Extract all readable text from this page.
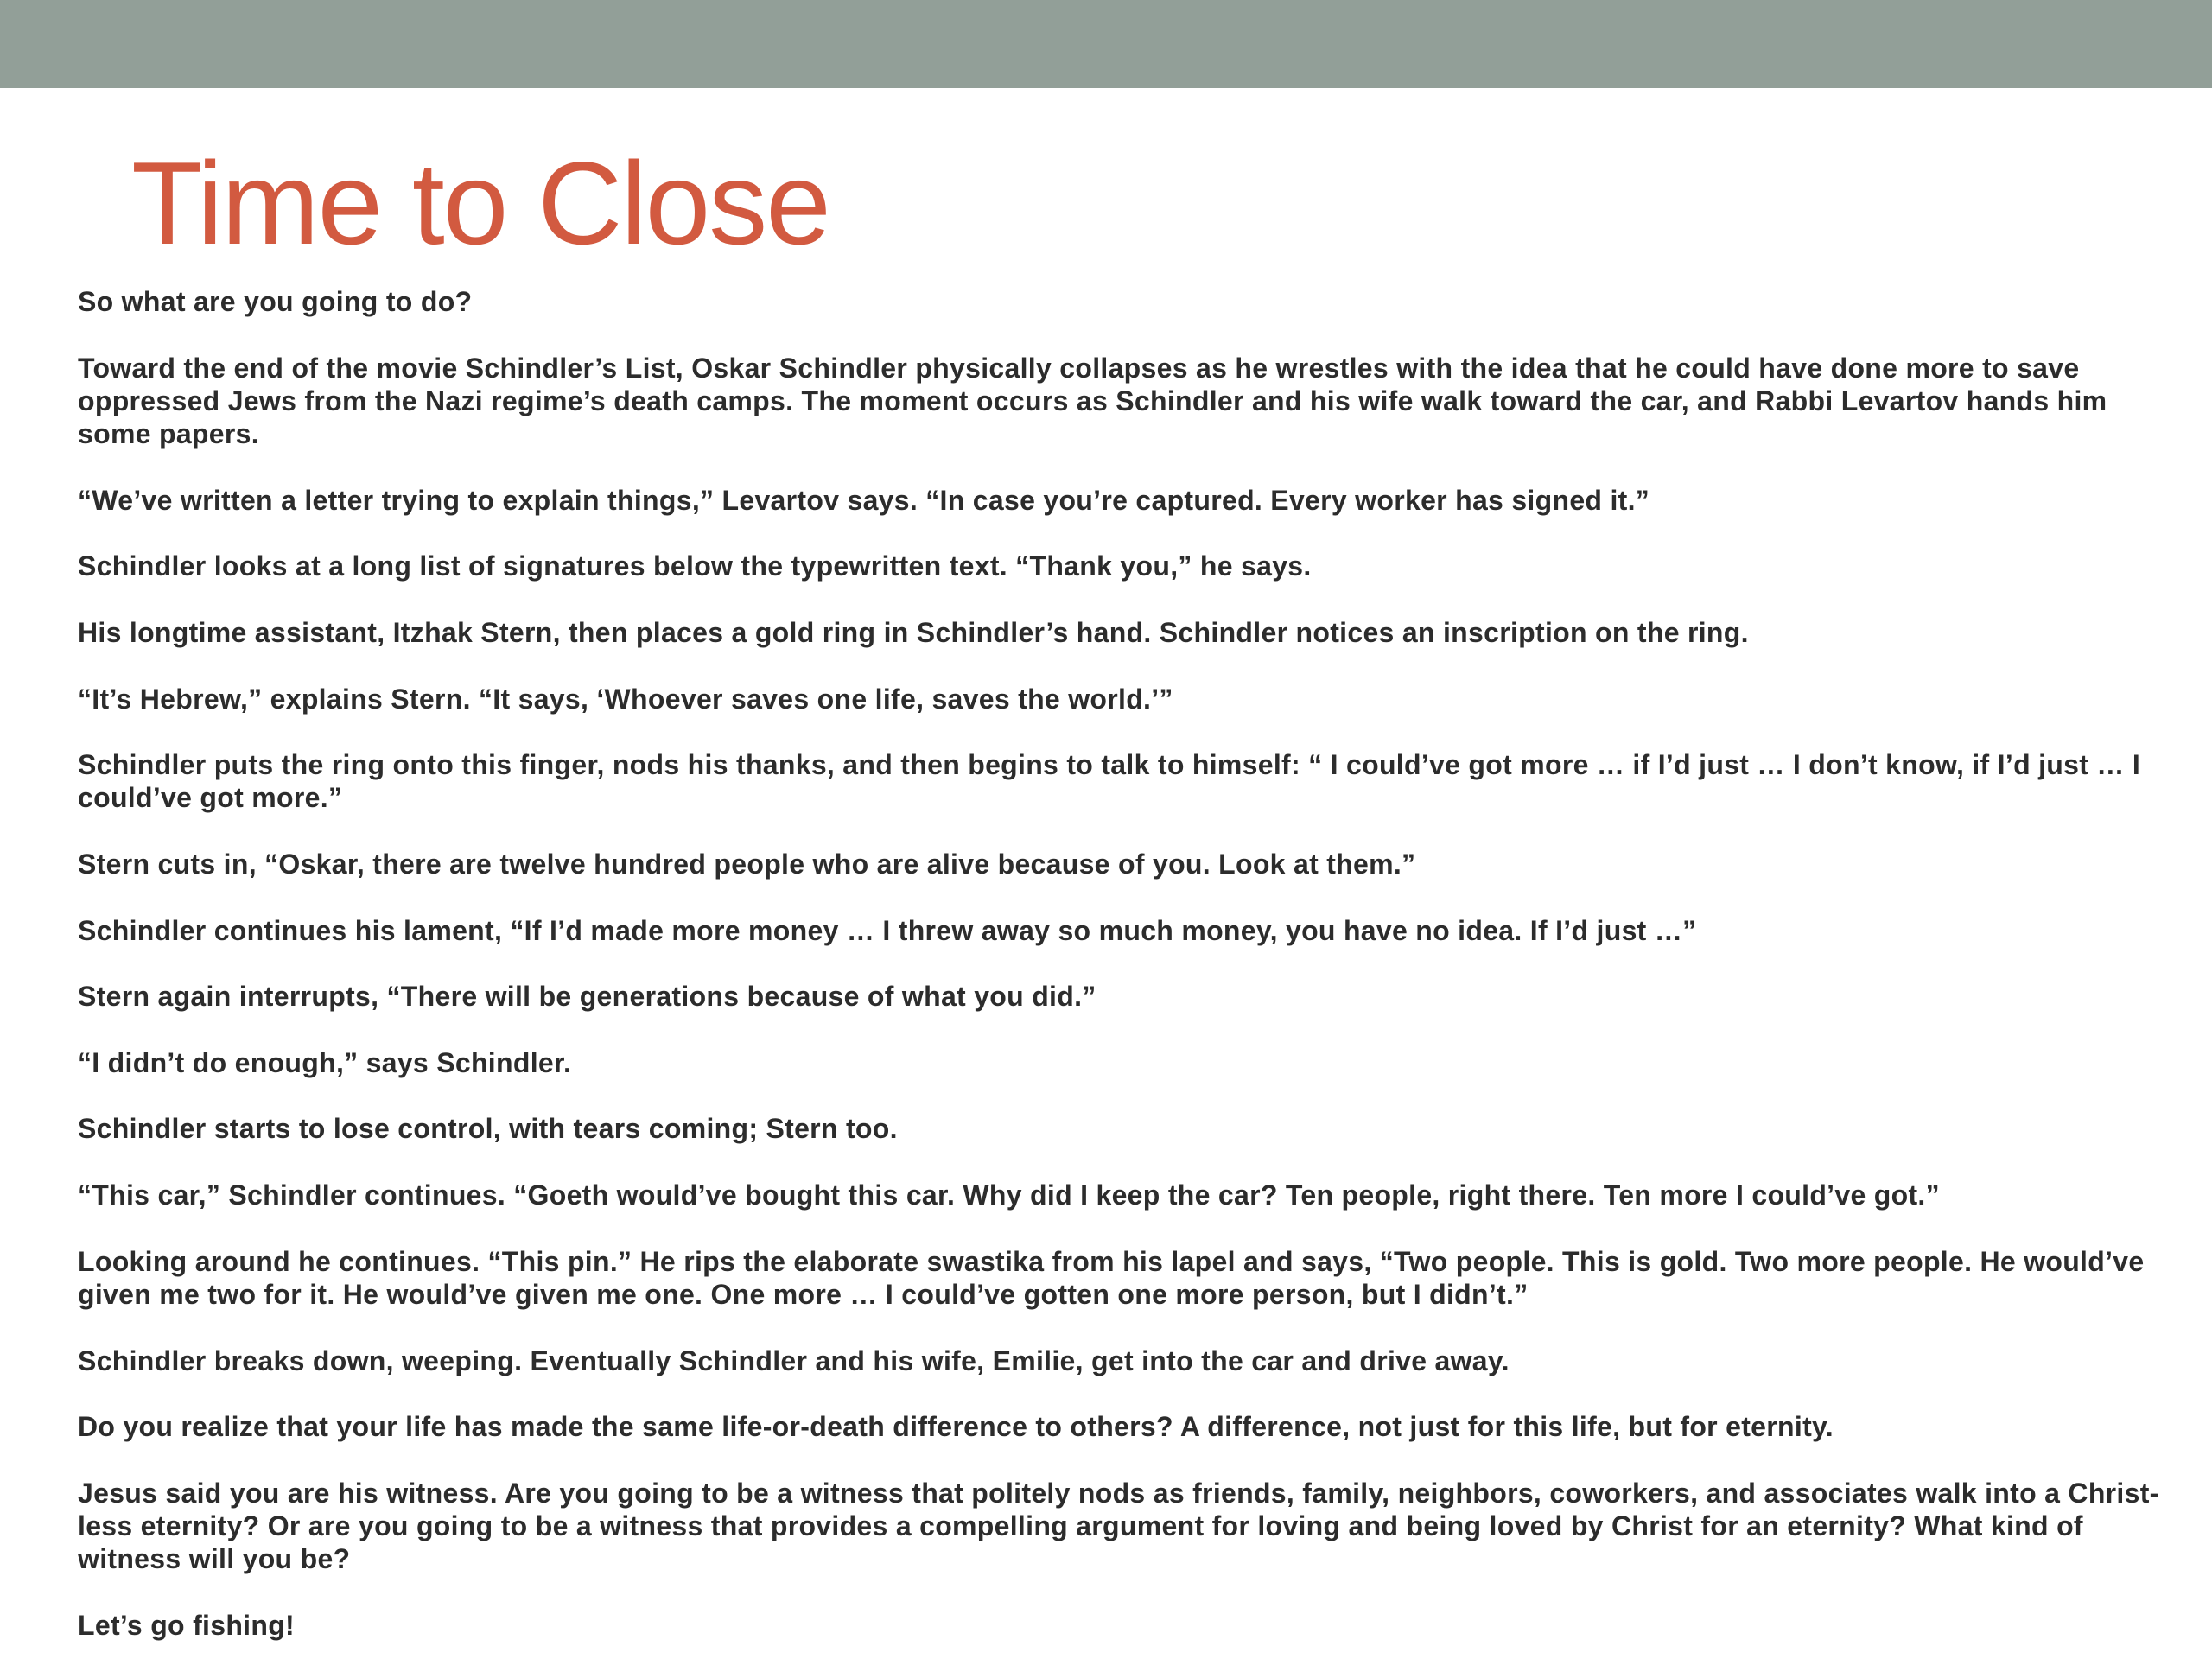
Time to Close

So what are you going to do?

Toward the end of the movie Schindler’s List, Oskar Schindler physically collapses as he wrestles with the idea that he could have done more to save oppressed Jews from the Nazi regime’s death camps. The moment occurs as Schindler and his wife walk toward the car, and Rabbi Levartov hands him some papers.

“We’ve written a letter trying to explain things,” Levartov says. “In case you’re captured. Every worker has signed it.”

Schindler looks at a long list of signatures below the typewritten text. “Thank you,” he says.

His longtime assistant, Itzhak Stern, then places a gold ring in Schindler’s hand. Schindler notices an inscription on the ring.

“It’s Hebrew,” explains Stern. “It says, ‘Whoever saves one life, saves the world.’”

Schindler puts the ring onto this finger, nods his thanks, and then begins to talk to himself: “ I could’ve got more … if I’d just … I don’t know, if I’d just … I could’ve got more.”

Stern cuts in, “Oskar, there are twelve hundred people who are alive because of you. Look at them.”

Schindler continues his lament, “If I’d made more money … I threw away so much money, you have no idea. If I’d just …”

Stern again interrupts, “There will be generations because of what you did.”

“I didn’t do enough,” says Schindler.

Schindler starts to lose control, with tears coming; Stern too.

“This car,” Schindler continues. “Goeth would’ve bought this car. Why did I keep the car? Ten people, right there. Ten more I could’ve got.”

Looking around he continues. “This pin.” He rips the elaborate swastika from his lapel and says, “Two people. This is gold. Two more people. He would’ve given me two for it. He would’ve given me one. One more … I could’ve gotten one more person, but I didn’t.”

Schindler breaks down, weeping. Eventually Schindler and his wife, Emilie, get into the car and drive away.

Do you realize that your life has made the same life-or-death difference to others? A difference, not just for this life, but for eternity.

Jesus said you are his witness. Are you going to be a witness that politely nods as friends, family, neighbors, coworkers, and associates walk into a Christ-less eternity? Or are you going to be a witness that provides a compelling argument for loving and being loved by Christ for an eternity? What kind of witness will you be?

Let’s go fishing!
